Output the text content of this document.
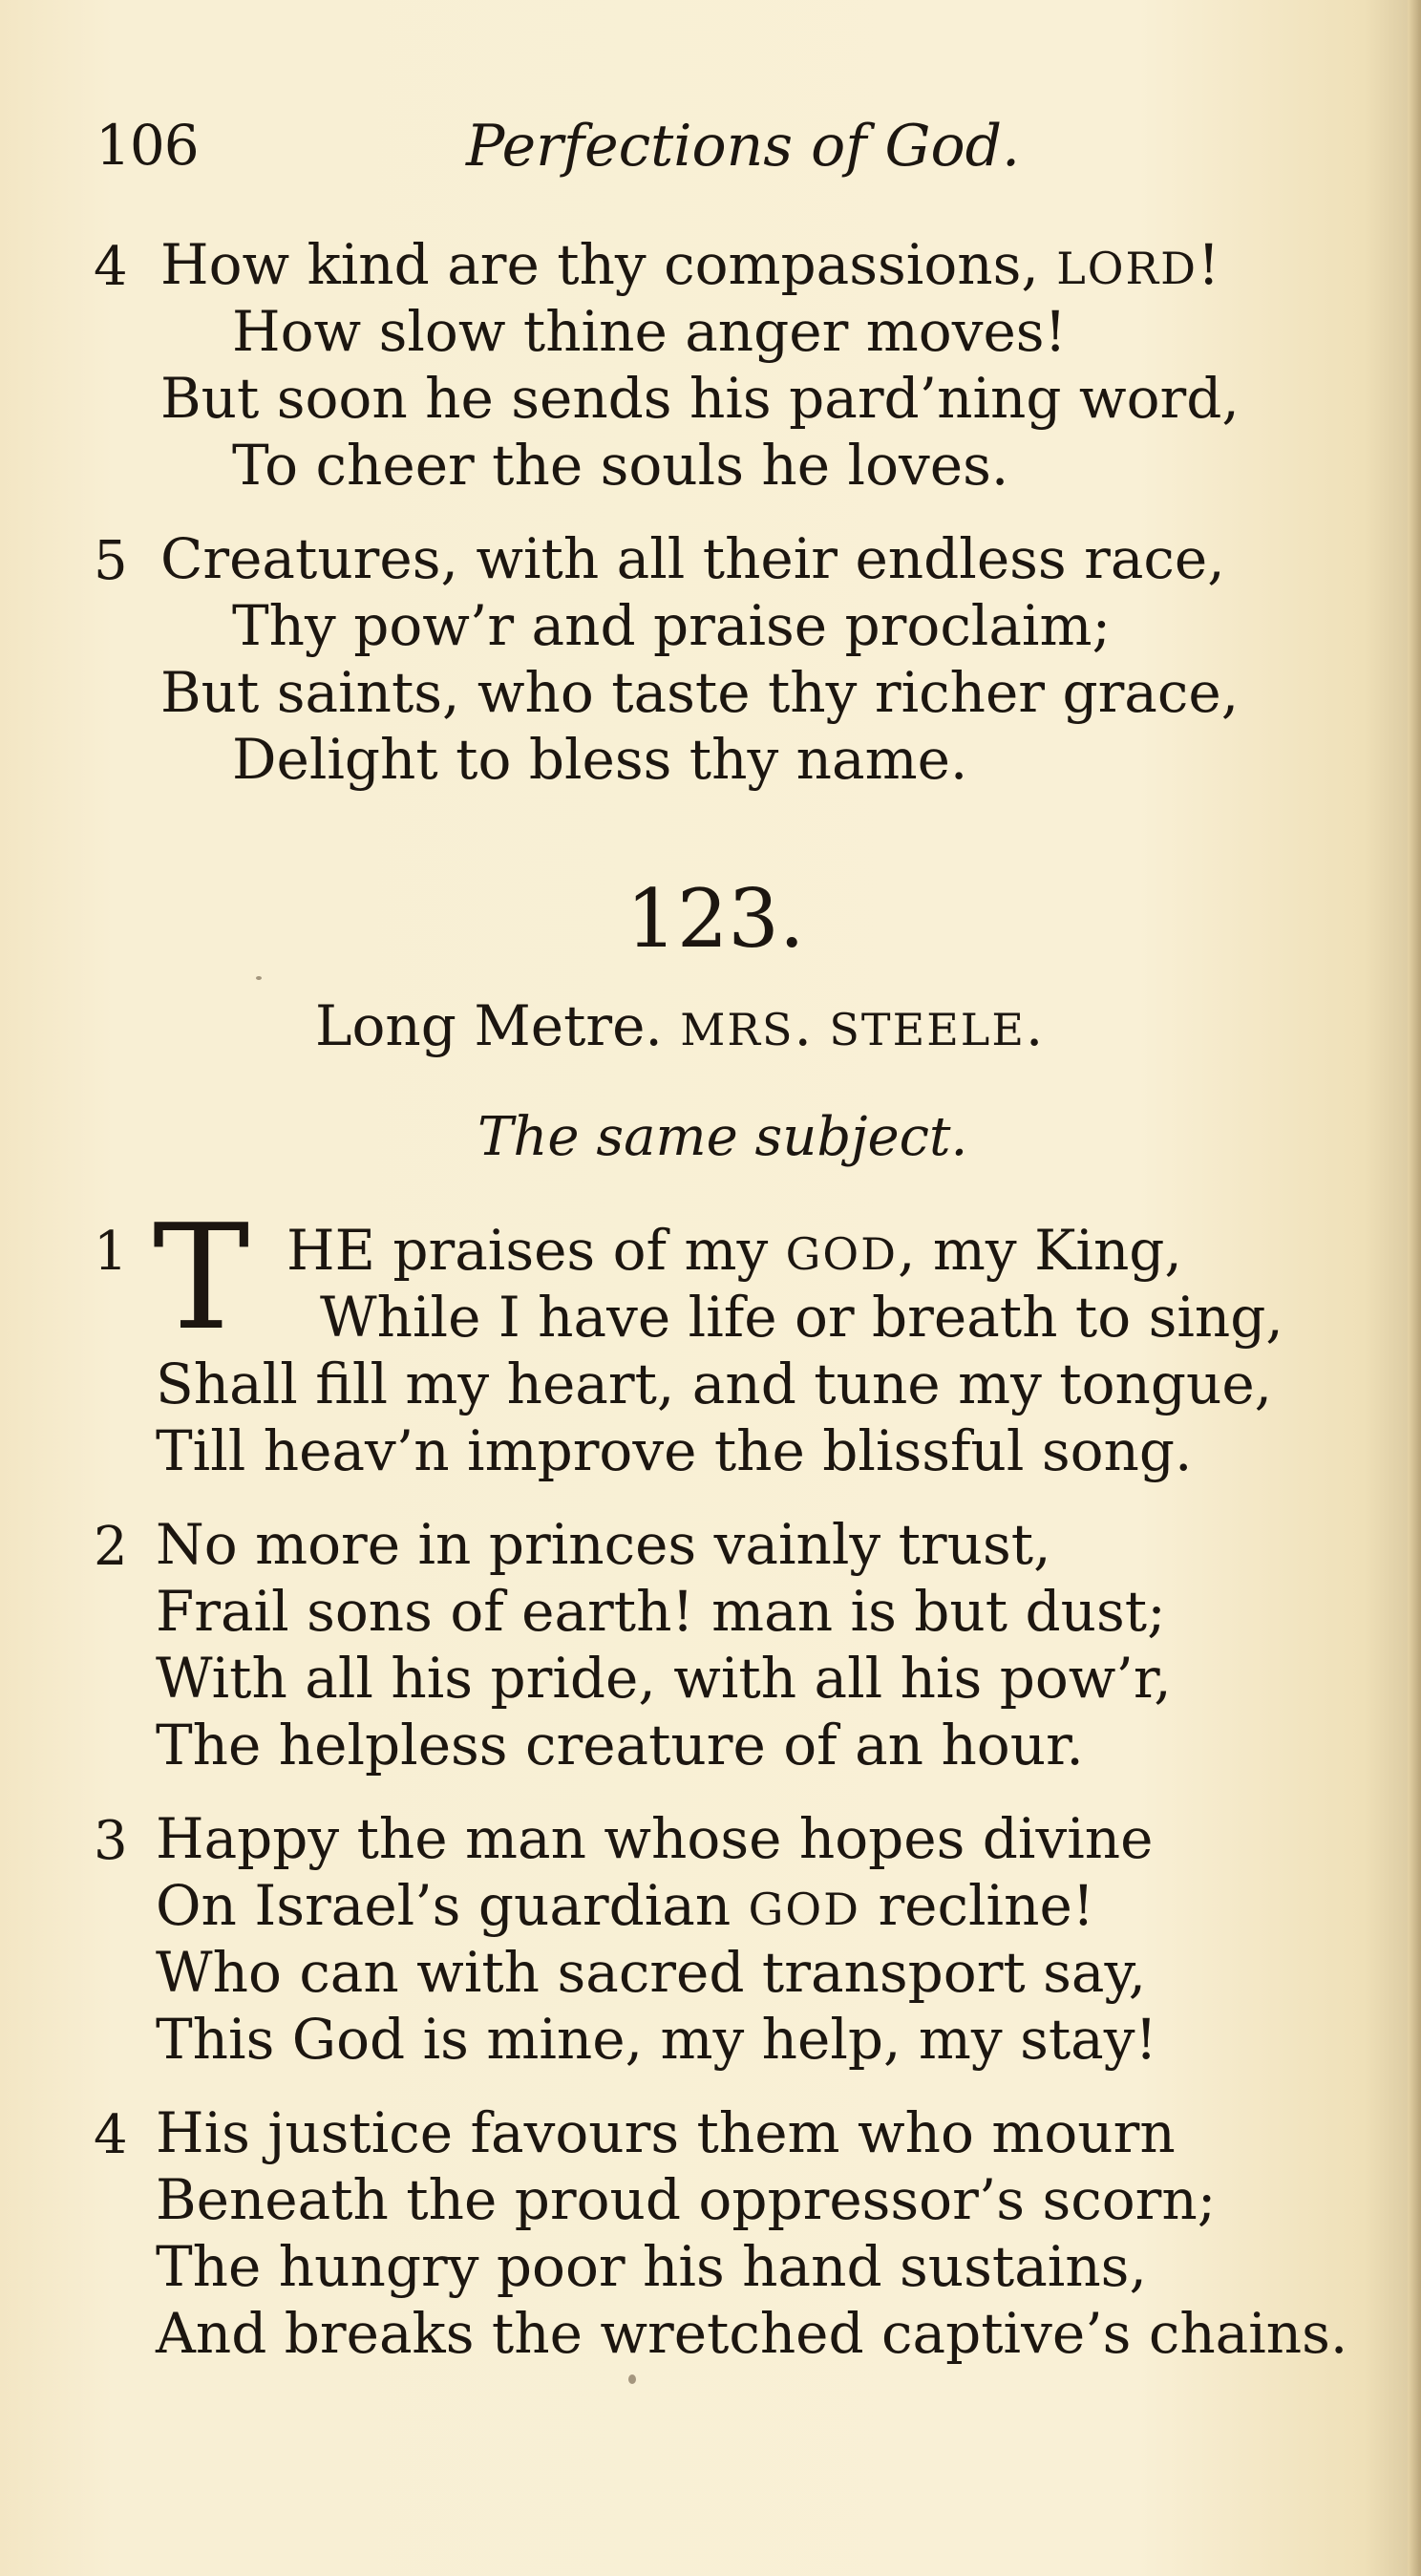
106	Perfections of God.
4 How kind are thy compassions, LORD!
How slow thine anger moves!
But soon he sends his pard’ning word,
To cheer the souls he loves.
5 Creatures, with all their endless race,
Thy pow’r and praise proclaim;
But saints, who taste thy richer grace,
Delight to bless thy name.
123.
Long Metre. MRS. STEELE.
The same subject.
1 T HE praises of my GOD, my King,
While I have life or breath to sing,
Shall fill my heart, and tune my tongue,
Till heav’n improve the blissful song.
2 No more in princes vainly trust,
Frail sons of earth! man is but dust;
With all his pride, with all his pow’r,
The helpless creature of an hour.
3 Happy the man whose hopes divine
On Israel’s guardian GOD recline!
Who can with sacred transport say,
This God is mine, my help, my stay!
4 His justice favours them who mourn
Beneath the proud oppressor’s scorn;
The hungry poor his hand sustains,
And breaks the wretched captive’s chains.
